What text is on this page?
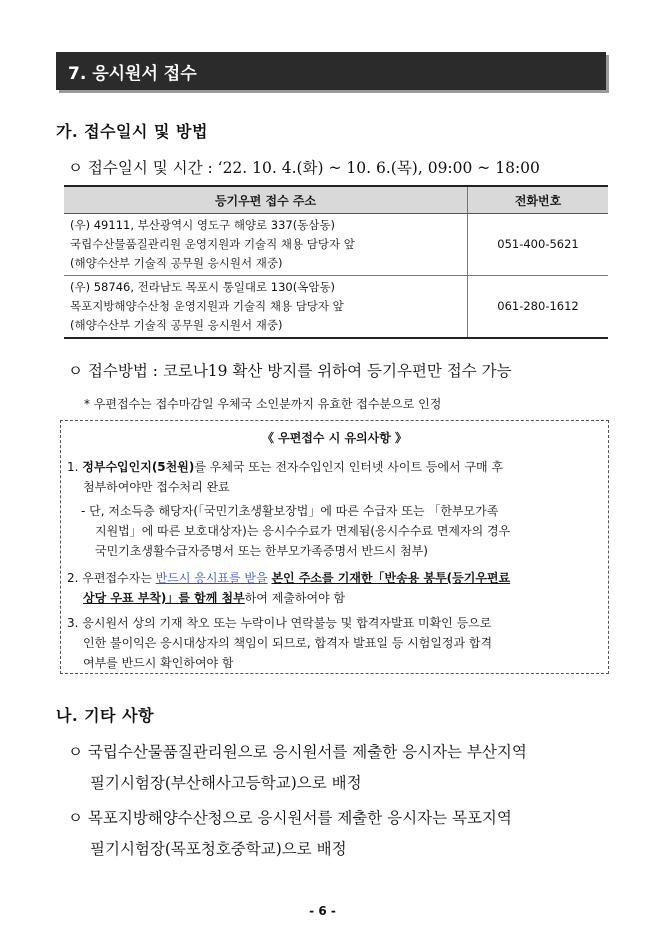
7. 응시원서 접수
가. 접수일시 및 방법
ㅇ 접수일시 및 시간 : ‘22. 10. 4.(화) ~ 10. 6.(목), 09:00 ~ 18:00
등기우편 접수 주소	전화번호

(우) 49111, 부산광역시 영도구 해양로 337(동삼동)
국립수산물품질관리원 운영지원과 기술직 채용 담당자 앞
(해양수산부 기술직 공무원 응시원서 재중)	051-400-5621

(우) 58746, 전라남도 목포시 통일대로 130(옥암동)
목포지방해양수산청 운영지원과 기술직 채용 담당자 앞
(해양수산부 기술직 공무원 응시원서 재중)	061-280-1612
ㅇ 접수방법 : 코로나19 확산 방지를 위하여 등기우편만 접수 가능
* 우편접수는 접수마감일 우체국 소인분까지 유효한 접수분으로 인정
《 우편접수 시 유의사항 》
1. 정부수입인지(5천원)를 우체국 또는 전자수입인지 인터넷 사이트 등에서 구매 후
첨부하여야만 접수처리 완료
- 단, 저소득층 해당자(「국민기초생활보장법」에 따른 수급자 또는 「한부모가족
지원법」에 따른 보호대상자)는 응시수수료가 면제됨(응시수수료 면제자의 경우
국민기초생활수급자증명서 또는 한부모가족증명서 반드시 첨부)
2. 우편접수자는 반드시 응시표를 받을 본인 주소를 기재한「반송용 봉투(등기우편료
상당 우표 부착)」를 함께 첨부하여 제출하여야 함
3. 응시원서 상의 기재 착오 또는 누락이나 연락불능 및 합격자발표 미확인 등으로
인한 불이익은 응시대상자의 책임이 되므로, 합격자 발표일 등 시험일정과 합격
여부를 반드시 확인하여야 함
나. 기타 사항
ㅇ 국립수산물품질관리원으로 응시원서를 제출한 응시자는 부산지역
필기시험장(부산해사고등학교)으로 배정
ㅇ 목포지방해양수산청으로 응시원서를 제출한 응시자는 목포지역
필기시험장(목포청호중학교)으로 배정
- 6 -
